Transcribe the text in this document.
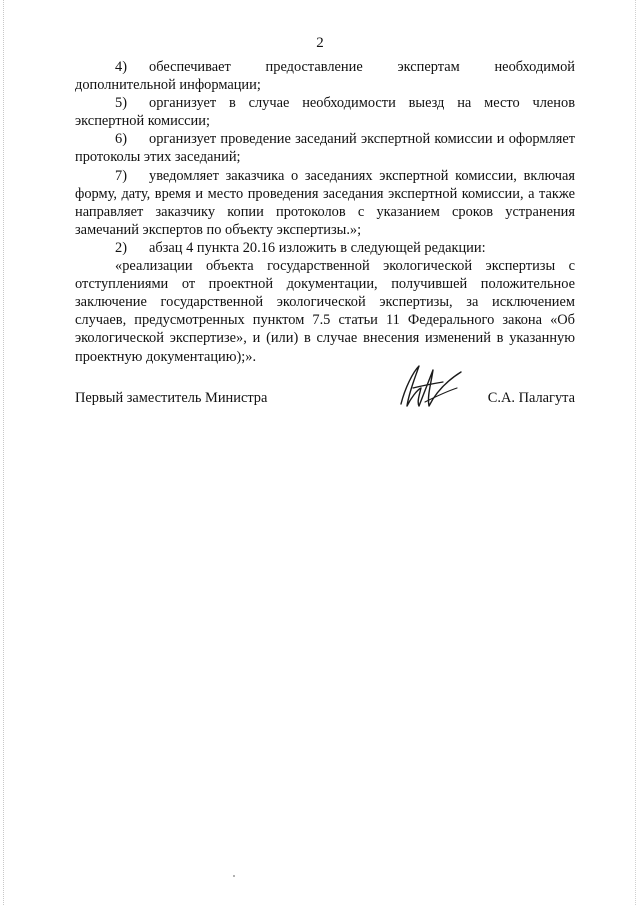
2

4) обеспечивает предоставление экспертам необходимой дополнительной информации;

5) организует в случае необходимости выезд на место членов экспертной комиссии;

6) организует проведение заседаний экспертной комиссии и оформляет протоколы этих заседаний;

7) уведомляет заказчика о заседаниях экспертной комиссии, включая форму, дату, время и место проведения заседания экспертной комиссии, а также направляет заказчику копии протоколов с указанием сроков устранения замечаний экспертов по объекту экспертизы.»;

2) абзац 4 пункта 20.16 изложить в следующей редакции:

«реализации объекта государственной экологической экспертизы с отступлениями от проектной документации, получившей положительное заключение государственной экологической экспертизы, за исключением случаев, предусмотренных пунктом 7.5 статьи 11 Федерального закона «Об экологической экспертизе», и (или) в случае внесения изменений в указанную проектную документацию);».

Первый заместитель Министра	С.А. Палагута
